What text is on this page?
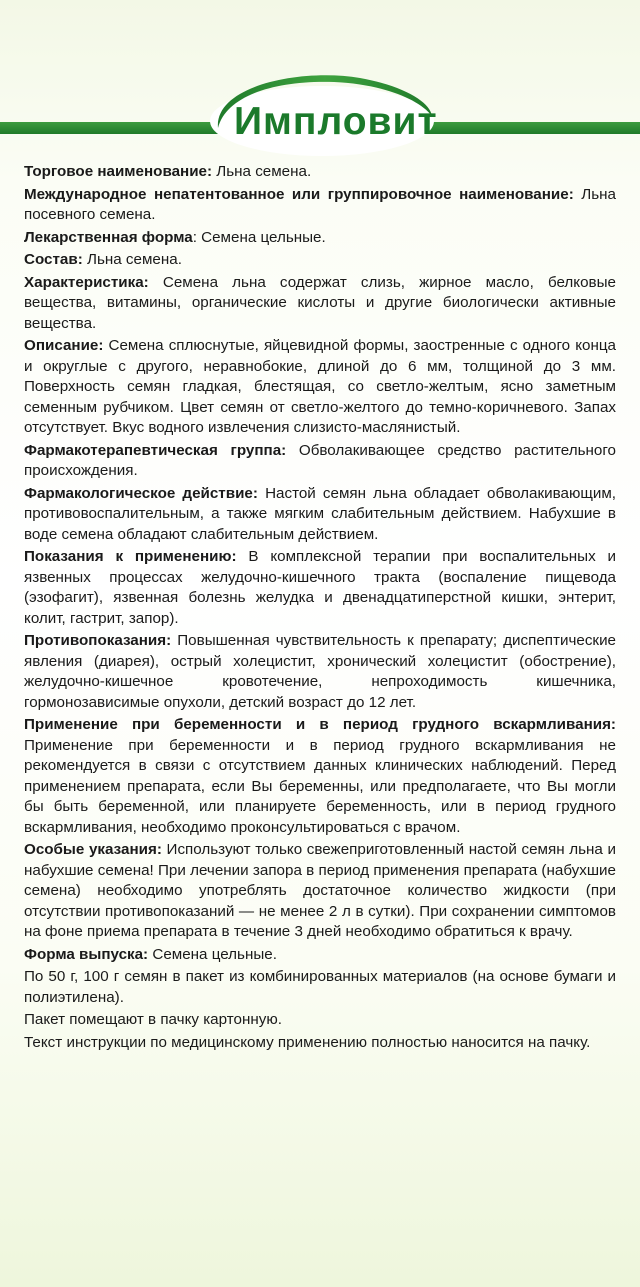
Импловит

Торговое наименование: Льна семена.

Международное непатентованное или группировочное наименование: Льна посевного семена.

Лекарственная форма: Семена цельные.

Состав: Льна семена.

Характеристика: Семена льна содержат слизь, жирное масло, белковые вещества, витамины, органические кислоты и другие биологически активные вещества.

Описание: Семена сплюснутые, яйцевидной формы, заостренные с одного конца и округлые с другого, неравнобокие, длиной до 6 мм, толщиной до 3 мм. Поверхность семян гладкая, блестящая, со светло-желтым, ясно заметным семенным рубчиком. Цвет семян от светло-желтого до темно-коричневого. Запах отсутствует. Вкус водного извлечения слизисто-маслянистый.

Фармакотерапевтическая группа: Обволакивающее средство растительного происхождения.

Фармакологическое действие: Настой семян льна обладает обволакивающим, противовоспалительным, а также мягким слабительным действием. Набухшие в воде семена обладают слабительным действием.

Показания к применению: В комплексной терапии при воспалительных и язвенных процессах желудочно-кишечного тракта (воспаление пищевода (эзофагит), язвенная болезнь желудка и двенадцатиперстной кишки, энтерит, колит, гастрит, запор).

Противопоказания: Повышенная чувствительность к препарату; диспептические явления (диарея), острый холецистит, хронический холецистит (обострение), желудочно-кишечное кровотечение, непроходимость кишечника, гормонозависимые опухоли, детский возраст до 12 лет.

Применение при беременности и в период грудного вскармливания: Применение при беременности и в период грудного вскармливания не рекомендуется в связи с отсутствием данных клинических наблюдений. Перед применением препарата, если Вы беременны, или предполагаете, что Вы могли бы быть беременной, или планируете беременность, или в период грудного вскармливания, необходимо проконсультироваться с врачом.

Особые указания: Используют только свежеприготовленный настой семян льна и набухшие семена! При лечении запора в период применения препарата (набухшие семена) необходимо употреблять достаточное количество жидкости (при отсутствии противопоказаний — не менее 2 л в сутки). При сохранении симптомов на фоне приема препарата в течение 3 дней необходимо обратиться к врачу.

Форма выпуска: Семена цельные.

По 50 г, 100 г семян в пакет из комбинированных материалов (на основе бумаги и полиэтилена).

Пакет помещают в пачку картонную.

Текст инструкции по медицинскому применению полностью наносится на пачку.
